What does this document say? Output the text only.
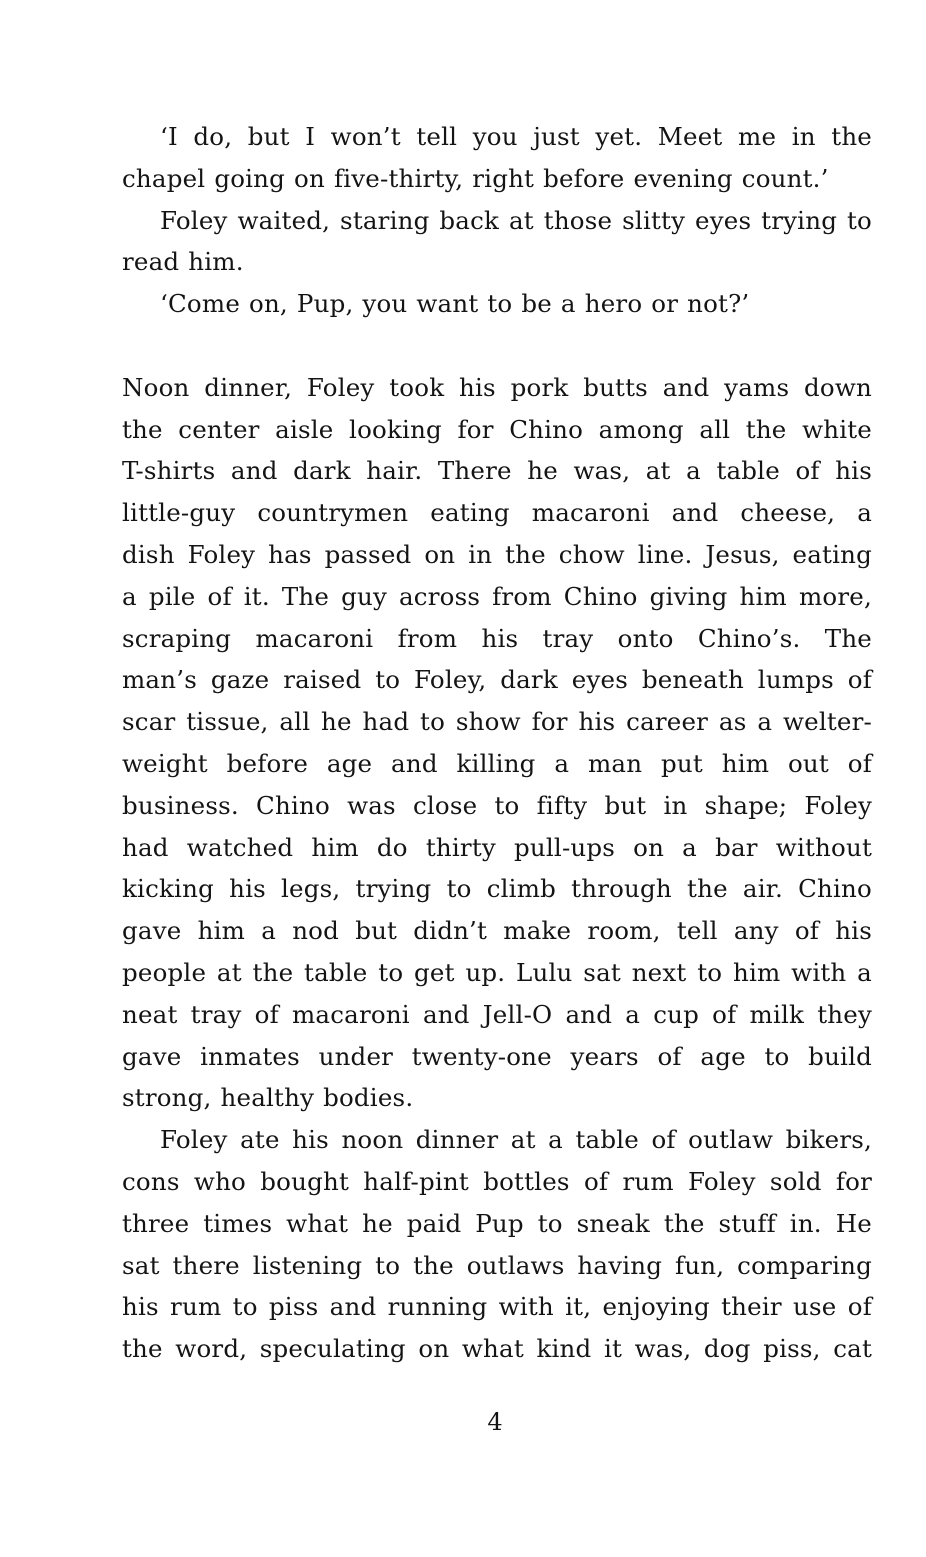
‘I do, but I won’t tell you just yet. Meet me in the
chapel going on five-thirty, right before evening count.’
Foley waited, staring back at those slitty eyes trying to
read him.
‘Come on, Pup, you want to be a hero or not?’
Noon dinner, Foley took his pork butts and yams down
the center aisle looking for Chino among all the white
T-shirts and dark hair. There he was, at a table of his
little-guy countrymen eating macaroni and cheese, a
dish Foley has passed on in the chow line. Jesus, eating
a pile of it. The guy across from Chino giving him more,
scraping macaroni from his tray onto Chino’s. The
man’s gaze raised to Foley, dark eyes beneath lumps of
scar tissue, all he had to show for his career as a welter-
weight before age and killing a man put him out of
business. Chino was close to fifty but in shape; Foley
had watched him do thirty pull-ups on a bar without
kicking his legs, trying to climb through the air. Chino
gave him a nod but didn’t make room, tell any of his
people at the table to get up. Lulu sat next to him with a
neat tray of macaroni and Jell-O and a cup of milk they
gave inmates under twenty-one years of age to build
strong, healthy bodies.
Foley ate his noon dinner at a table of outlaw bikers,
cons who bought half-pint bottles of rum Foley sold for
three times what he paid Pup to sneak the stuff in. He
sat there listening to the outlaws having fun, comparing
his rum to piss and running with it, enjoying their use of
the word, speculating on what kind it was, dog piss, cat
4
